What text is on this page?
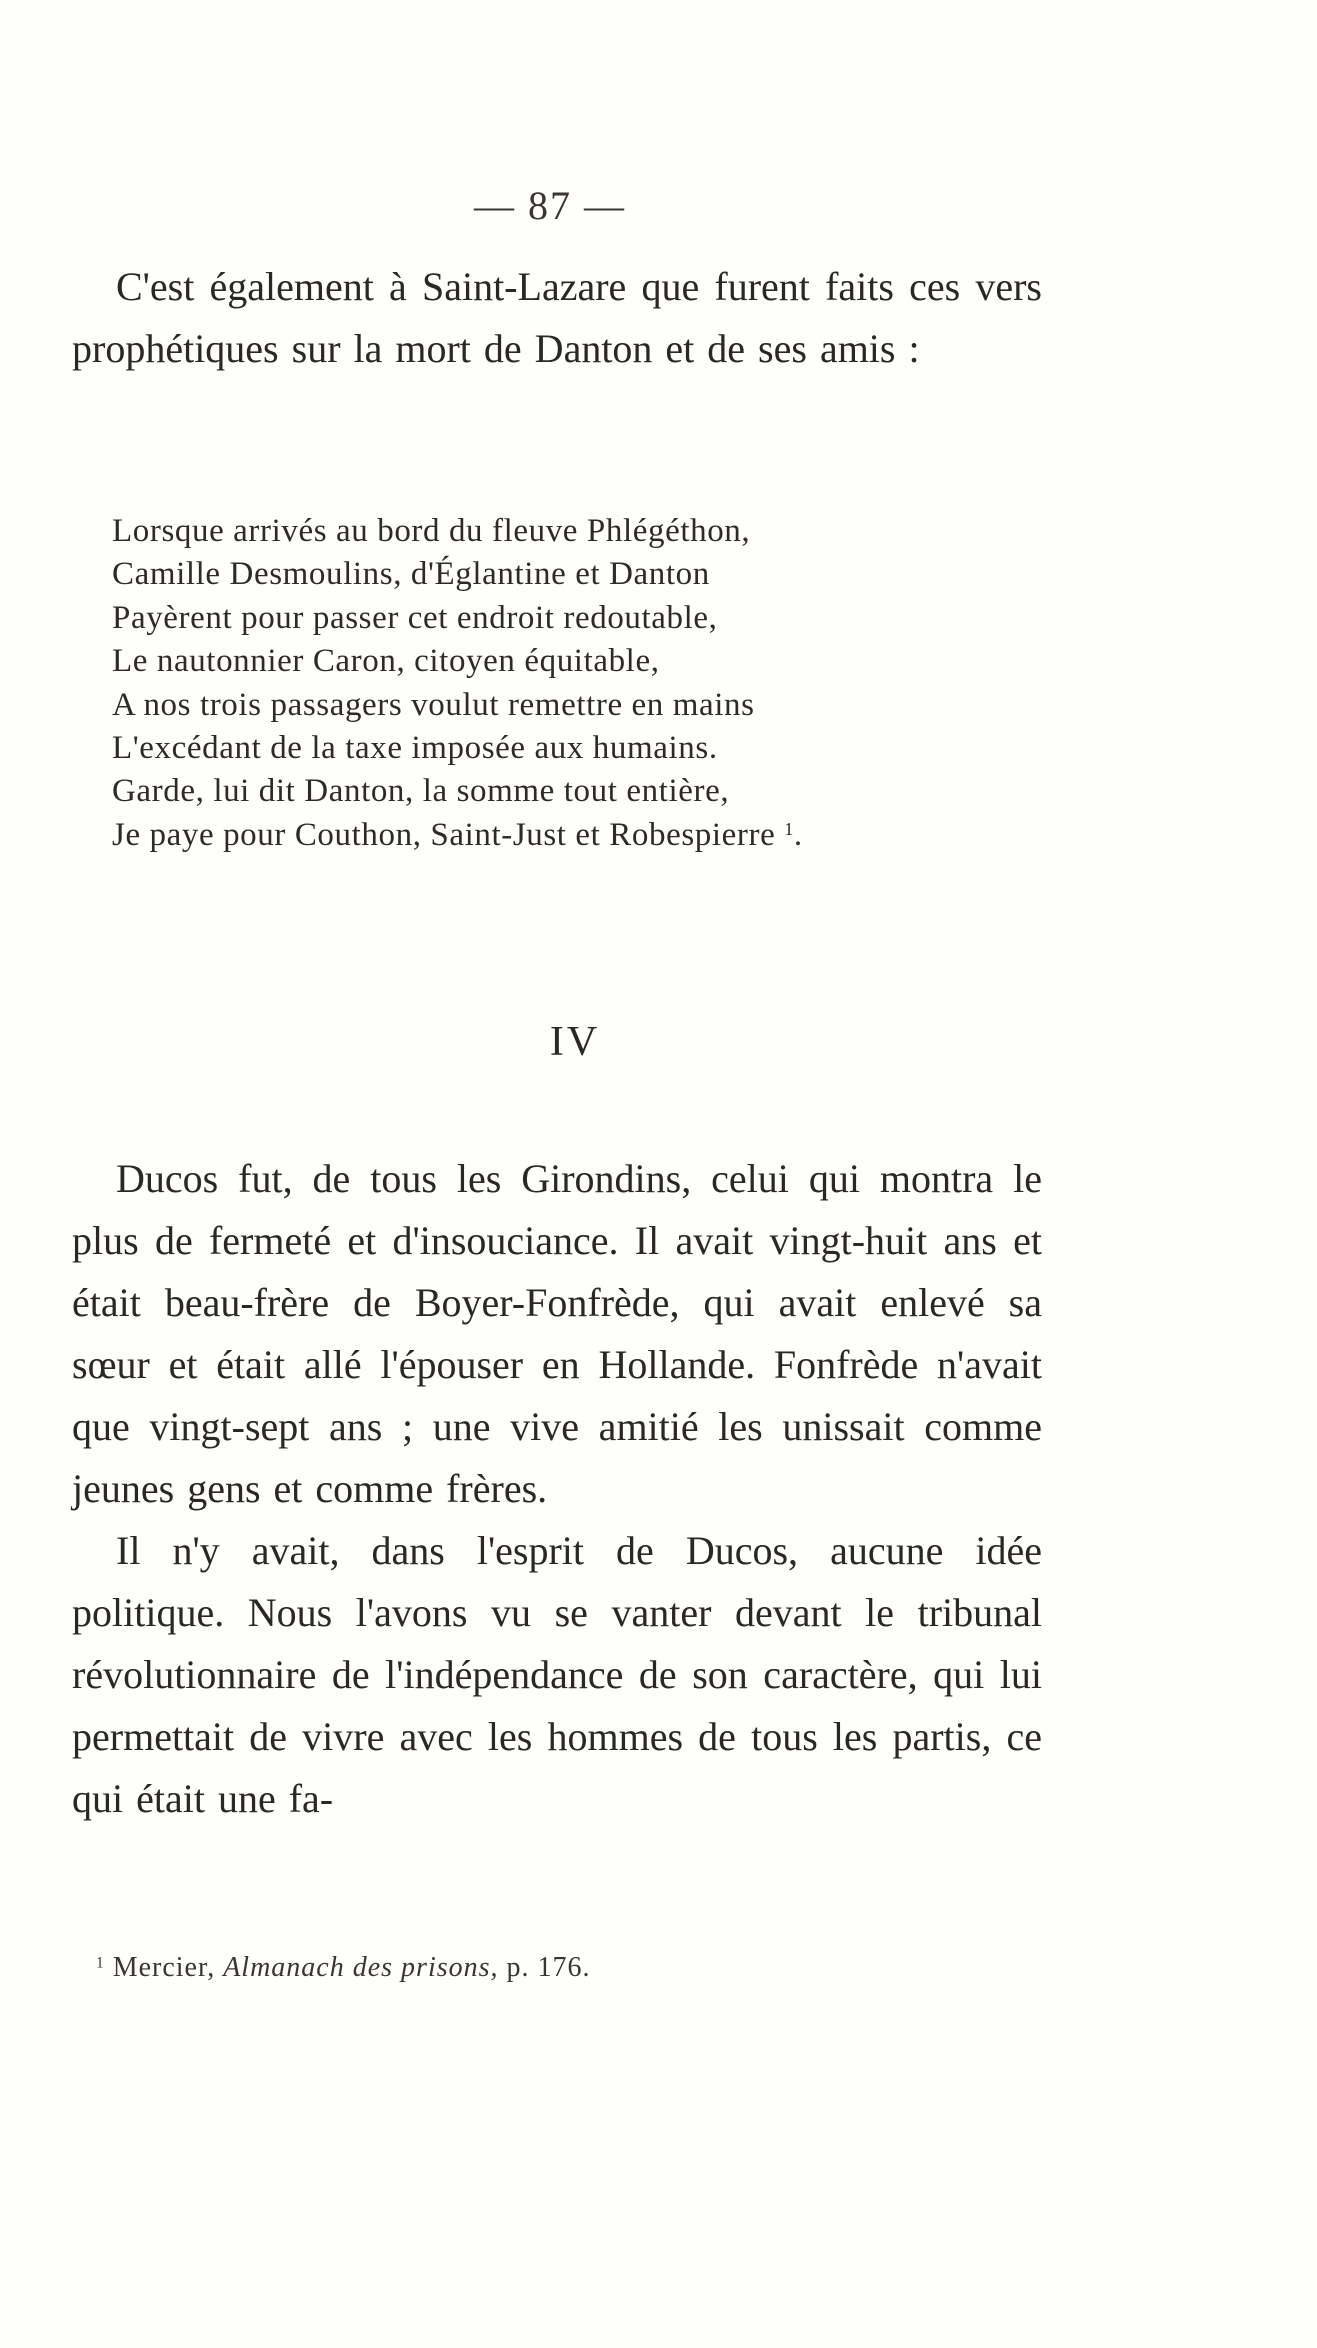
— 87 —

C'est également à Saint-Lazare que furent faits ces vers prophétiques sur la mort de Danton et de ses amis :

Lorsque arrivés au bord du fleuve Phlégéthon,
Camille Desmoulins, d'Églantine et Danton
Payèrent pour passer cet endroit redoutable,
Le nautonnier Caron, citoyen équitable,
A nos trois passagers voulut remettre en mains
L'excédant de la taxe imposée aux humains.
Garde, lui dit Danton, la somme tout entière,
Je paye pour Couthon, Saint-Just et Robespierre $^1$.
IV

Ducos fut, de tous les Girondins, celui qui montra le plus de fermeté et d'insouciance. Il avait vingt-huit ans et était beau-frère de Boyer-Fonfrède, qui avait enlevé sa sœur et était allé l'épouser en Hollande. Fonfrède n'avait que vingt-sept ans ; une vive amitié les unissait comme jeunes gens et comme frères.

Il n'y avait, dans l'esprit de Ducos, aucune idée politique. Nous l'avons vu se vanter devant le tribunal révolutionnaire de l'indépendance de son caractère, qui lui permettait de vivre avec les hommes de tous les partis, ce qui était une fa-

$^1$ Mercier, Almanach des prisons, p. 176.
